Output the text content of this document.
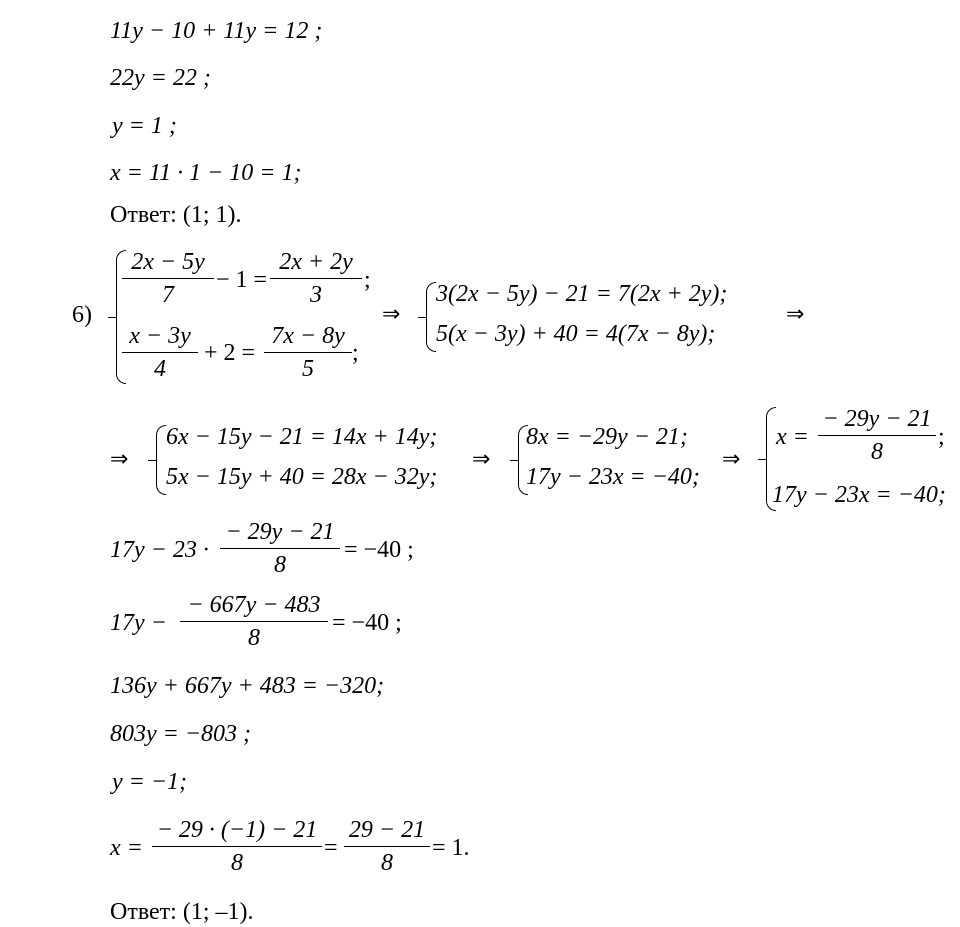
11y − 10 + 11y = 12 ;
22y = 22 ;
y = 1 ;
x = 11 · 1 − 10 = 1;
Ответ: (1; 1).
6)
2x − 5y
7
− 1 =
2x + 2y
3
;
x − 3y
4
+ 2 =
7x − 8y
5
;
⇒
3(2x − 5y) − 21 = 7(2x + 2y);
5(x − 3y) + 40 = 4(7x − 8y);
⇒
⇒
6x − 15y − 21 = 14x + 14y;
5x − 15y + 40 = 28x − 32y;
⇒
8x = −29y − 21;
17y − 23x = −40;
⇒
x =
− 29y − 21
8
;
17y − 23x = −40;
17y − 23 ·
− 29y − 21
8
= −40 ;
17y −
− 667y − 483
8
= −40 ;
136y + 667y + 483 = −320;
803y = −803 ;
y = −1;
x =
− 29 · (−1) − 21
8
=
29 − 21
8
= 1.
Ответ: (1; –1).
